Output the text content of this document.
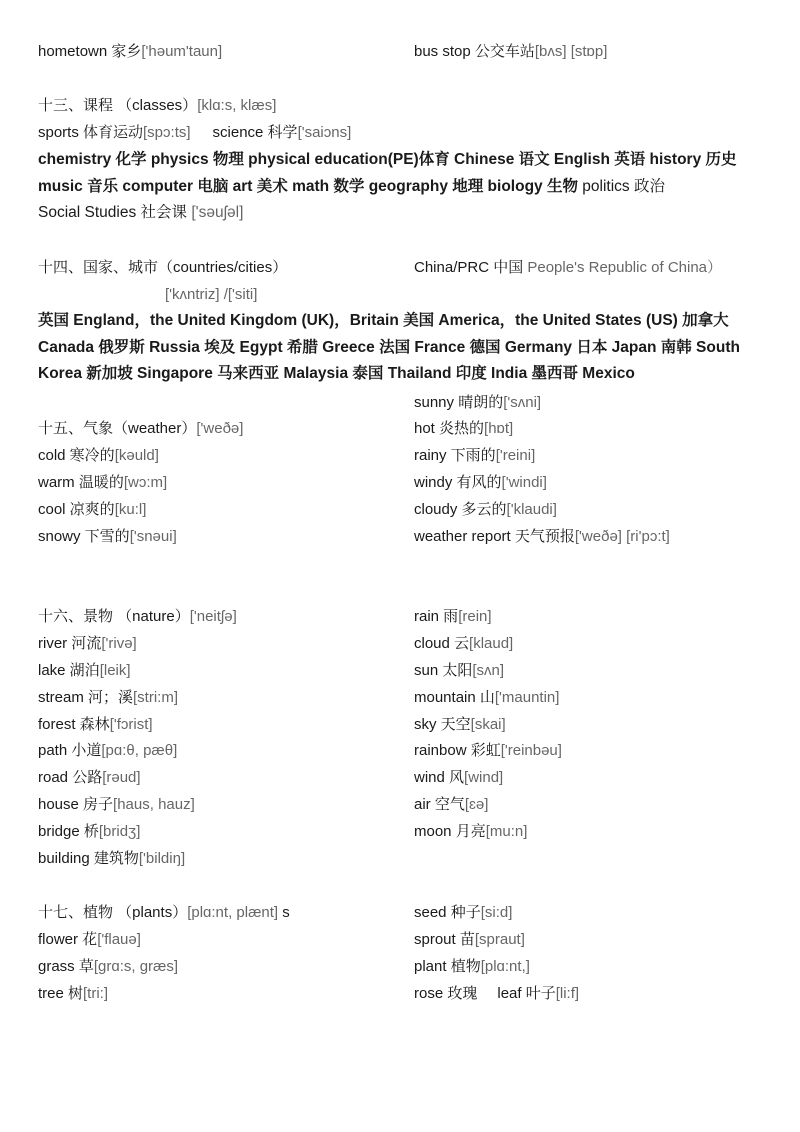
hometown 家乡['həum'taun]	bus stop 公交车站[bʌs] [stɒp]
十三、课程 （classes）[klɑ:s, klæs]
sports 体育运动[spɔ:ts] science 科学['saiɔns]
chemistry 化学 physics 物理 physical education(PE)体育 Chinese 语文 English 英语 history 历史 music 音乐 computer 电脑 art 美术 math 数学 geography 地理 biology 生物 politics 政治
Social Studies 社会课 ['səuʃəl]
十四、国家、城市（countries/cities）
['kʌntriz] /['siti]
China/PRC 中国 People's Republic of China）
英国 England，the United Kingdom (UK)，Britain 美国 America，the United States (US) 加拿大 Canada 俄罗斯 Russia 埃及 Egypt 希腊 Greece 法国 France 德国 Germany 日本 Japan 南韩 South Korea 新加坡 Singapore 马来西亚 Malaysia 泰国 Thailand 印度 India 墨西哥 Mexico
十五、气象（weather）['weðə]
cold 寒冷的[kəuld]
warm 温暖的[wɔ:m]
cool 凉爽的[ku:l]
snowy 下雪的['snəui]
sunny 晴朗的['sʌni]
hot 炎热的[hɒt]
rainy 下雨的['reini]
windy 有风的['windi]
cloudy 多云的['klaudi]
weather report 天气预报['weðə] [ri'pɔ:t]
十六、景物 （nature）['neitʃə]
river 河流['rivə]
lake 湖泊[leik]
stream 河；溪[stri:m]
forest 森林['fɔrist]
path 小道[pɑ:θ, pæθ]
road 公路[rəud]
house 房子[haus, hauz]
bridge 桥[bridʒ]
building 建筑物['bildiŋ]
rain 雨[rein]
cloud 云[klaud]
sun 太阳[sʌn]
mountain 山['mauntin]
sky 天空[skai]
rainbow 彩虹['reinbəu]
wind 风[wind]
air 空气[ɛə]
moon 月亮[mu:n]
十七、植物 （plants）[plɑ:nt, plænt] s
flower 花['flauə]
grass 草[grɑ:s, græs]
tree 树[tri:]
seed 种子[si:d]
sprout 苗[spraut]
plant 植物[plɑ:nt,]
rose 玫瑰 leaf 叶子[li:f]
